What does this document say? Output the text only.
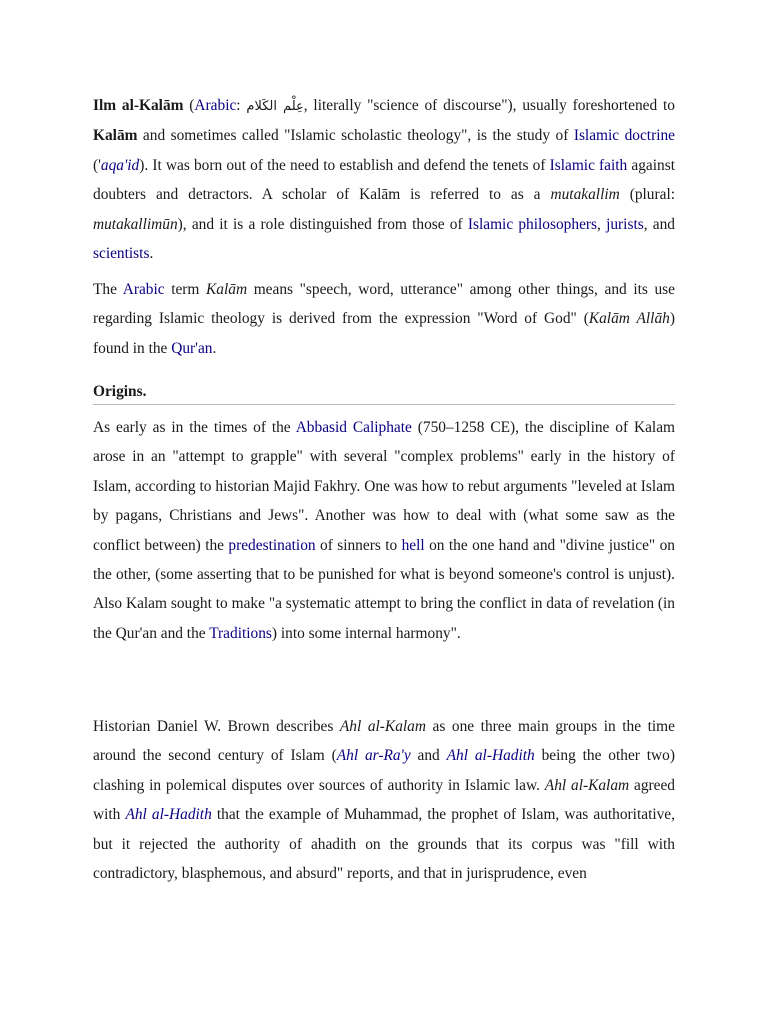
Ilm al-Kalām (Arabic: عِلْم الكَلام, literally "science of discourse"), usually foreshortened to Kalām and sometimes called "Islamic scholastic theology", is the study of Islamic doctrine ('aqa'id). It was born out of the need to establish and defend the tenets of Islamic faith against doubters and detractors. A scholar of Kalām is referred to as a mutakallim (plural: mutakallimūn), and it is a role distinguished from those of Islamic philosophers, jurists, and scientists.

The Arabic term Kalām means "speech, word, utterance" among other things, and its use regarding Islamic theology is derived from the expression "Word of God" (Kalām Allāh) found in the Qur'an.

Origins.

As early as in the times of the Abbasid Caliphate (750–1258 CE), the discipline of Kalam arose in an "attempt to grapple" with several "complex problems" early in the history of Islam, according to historian Majid Fakhry. One was how to rebut arguments "leveled at Islam by pagans, Christians and Jews". Another was how to deal with (what some saw as the conflict between) the predestination of sinners to hell on the one hand and "divine justice" on the other, (some asserting that to be punished for what is beyond someone's control is unjust). Also Kalam sought to make "a systematic attempt to bring the conflict in data of revelation (in the Qur'an and the Traditions) into some internal harmony".

Historian Daniel W. Brown describes Ahl al-Kalam as one three main groups in the time around the second century of Islam (Ahl ar-Ra'y and Ahl al-Hadith being the other two) clashing in polemical disputes over sources of authority in Islamic law. Ahl al-Kalam agreed with Ahl al-Hadith that the example of Muhammad, the prophet of Islam, was authoritative, but it rejected the authority of ahadith on the grounds that its corpus was "fill with contradictory, blasphemous, and absurd" reports, and that in jurisprudence, even
